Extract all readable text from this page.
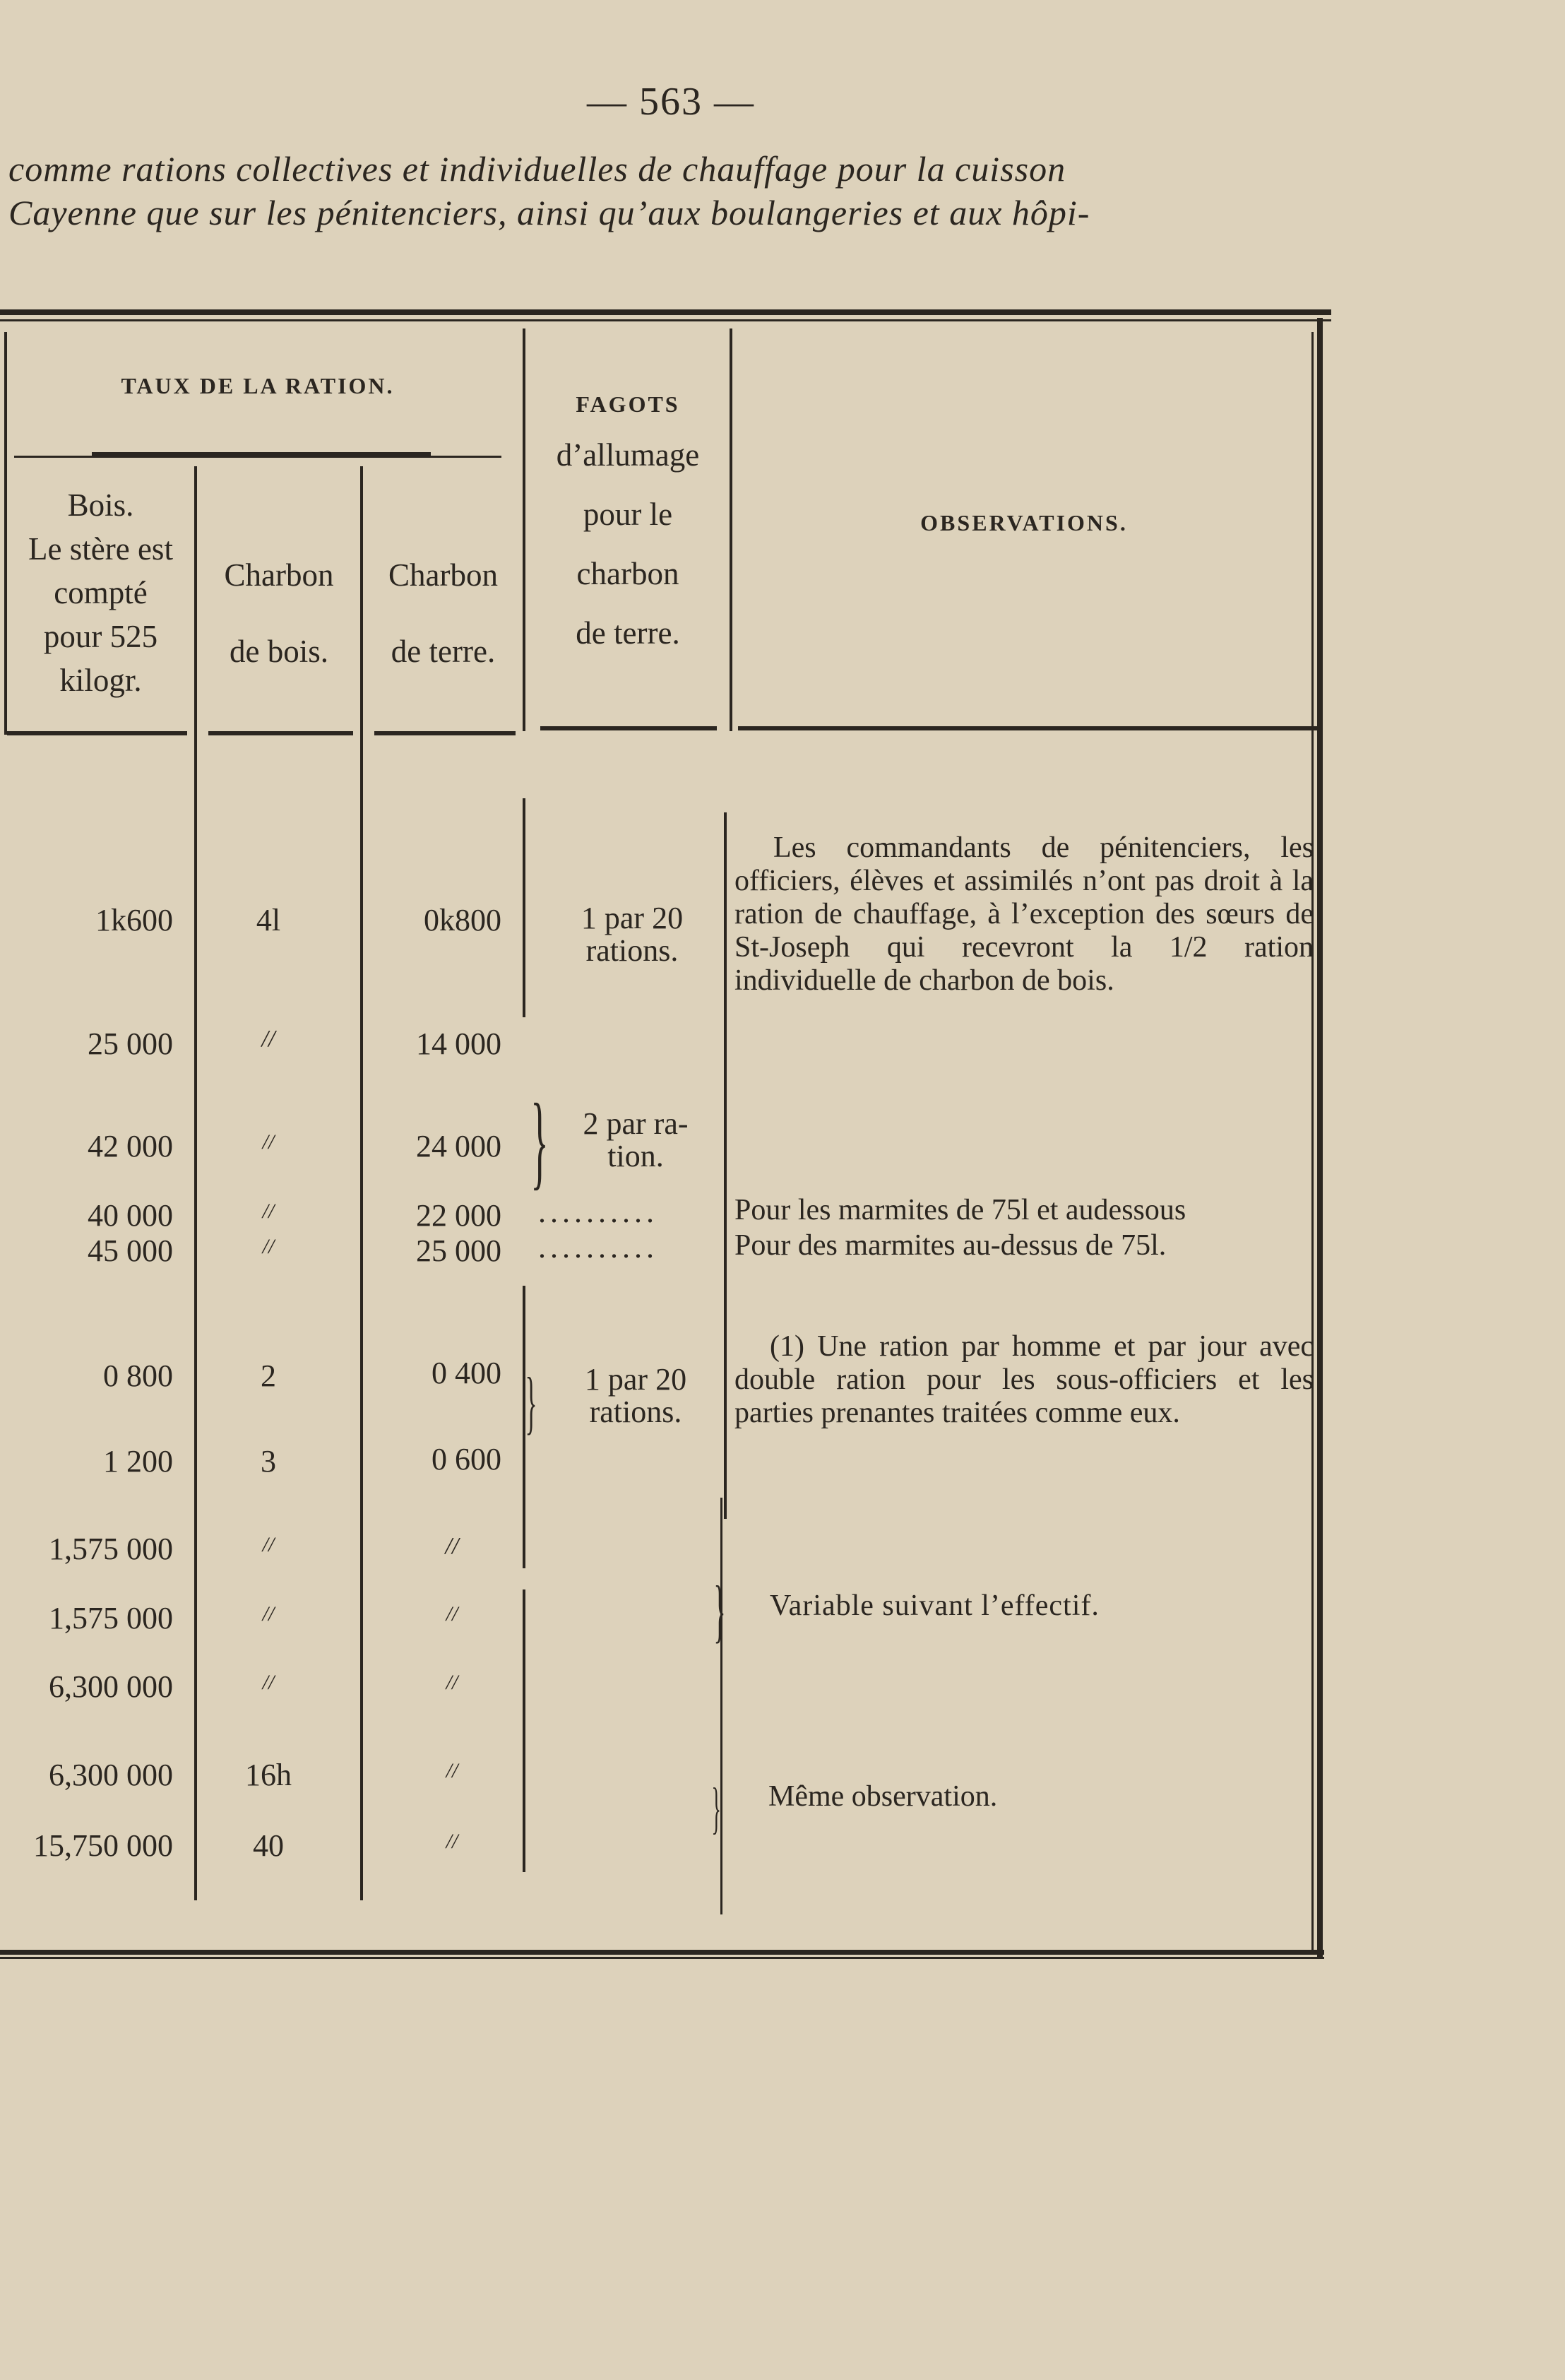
— 563 —
comme rations collectives et individuelles de chauffage pour la cuisson
Cayenne que sur les pénitenciers, ainsi qu’aux boulangeries et aux hôpi-
TAUX DE LA RATION.
Bois.
Le stère est
compté
pour 525
kilogr.
Charbon
de bois.
Charbon
de terre.
FAGOTS
d’allumage
pour le
charbon
de terre.
OBSERVATIONS.
1k600
25 000
42 000
40 000
45 000
0 800
1 200
1,575 000
1,575 000
6,300 000
6,300 000
15,750 000
4l
//
//
//
//
2
3
//
//
//
16h
40
0k800
14 000
24 000
22 000
25 000
0 400
0 600
//
//
//
//
//
}
}
}
}
1 par 20
rations.
2 par ra-
tion.
..........
..........
1 par 20
rations.
Les commandants de pénitenciers, les officiers, élèves et assimilés n’ont pas droit à la ration de chauffage, à l’exception des sœurs de St-Joseph qui recevront la 1/2 ration individuelle de charbon de bois.
Pour les marmites de 75l et audessous
Pour des marmites au-dessus de 75l.
(1) Une ration par homme et par jour avec double ration pour les sous-officiers et les parties prenantes traitées comme eux.
Variable suivant l’effectif.
Même observation.
